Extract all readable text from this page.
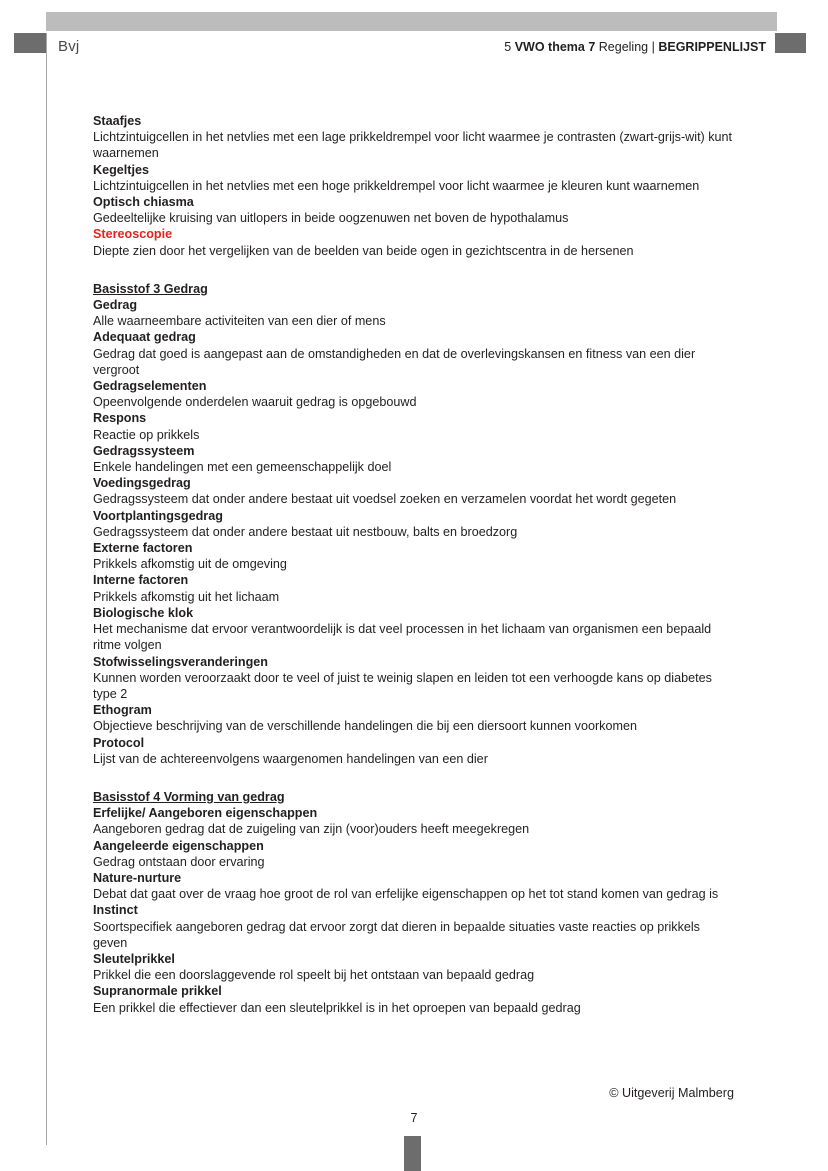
Bvj	5 VWO thema 7 Regeling | BEGRIPPENLIJST
Staafjes
Lichtzintuigcellen in het netvlies met een lage prikkeldrempel voor licht waarmee je contrasten (zwart-grijs-wit) kunt waarnemen
Kegeltjes
Lichtzintuigcellen in het netvlies met een hoge prikkeldrempel voor licht waarmee je kleuren kunt waarnemen
Optisch chiasma
Gedeeltelijke kruising van uitlopers in beide oogzenuwen net boven de hypothalamus
Stereoscopie
Diepte zien door het vergelijken van de beelden van beide ogen in gezichtscentra in de hersenen
Basisstof 3 Gedrag
Gedrag
Alle waarneembare activiteiten van een dier of mens
Adequaat gedrag
Gedrag dat goed is aangepast aan de omstandigheden en dat de overlevingskansen en fitness van een dier vergroot
Gedragselementen
Opeenvolgende onderdelen waaruit gedrag is opgebouwd
Respons
Reactie op prikkels
Gedragssysteem
Enkele handelingen met een gemeenschappelijk doel
Voedingsgedrag
Gedragssysteem dat onder andere bestaat uit voedsel zoeken en verzamelen voordat het wordt gegeten
Voortplantingsgedrag
Gedragssysteem dat onder andere bestaat uit nestbouw, balts en broedzorg
Externe factoren
Prikkels afkomstig uit de omgeving
Interne factoren
Prikkels afkomstig uit het lichaam
Biologische klok
Het mechanisme dat ervoor verantwoordelijk is dat veel processen in het lichaam van organismen een bepaald ritme volgen
Stofwisselingsveranderingen
Kunnen worden veroorzaakt door te veel of juist te weinig slapen en leiden tot een verhoogde kans op diabetes type 2
Ethogram
Objectieve beschrijving van de verschillende handelingen die bij een diersoort kunnen voorkomen
Protocol
Lijst van de achtereenvolgens waargenomen handelingen van een dier
Basisstof 4 Vorming van gedrag
Erfelijke/ Aangeboren eigenschappen
Aangeboren gedrag dat de zuigeling van zijn (voor)ouders heeft meegekregen
Aangeleerde eigenschappen
Gedrag ontstaan door ervaring
Nature-nurture
Debat dat gaat over de vraag hoe groot de rol van erfelijke eigenschappen op het tot stand komen van gedrag is
Instinct
Soortspecifiek aangeboren gedrag dat ervoor zorgt dat dieren in bepaalde situaties vaste reacties op prikkels geven
Sleutelprikkel
Prikkel die een doorslaggevende rol speelt bij het ontstaan van bepaald gedrag
Supranormale prikkel
Een prikkel die effectiever dan een sleutelprikkel is in het oproepen van bepaald gedrag
7
© Uitgeverij Malmberg
